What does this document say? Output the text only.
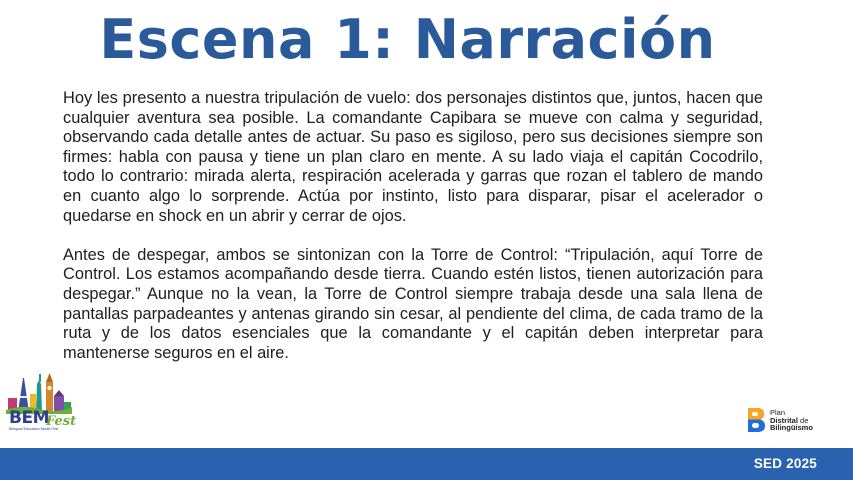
Escena 1: Narración

Hoy les presento a nuestra tripulación de vuelo: dos personajes distintos que, juntos, hacen que cualquier aventura sea posible. La comandante Capibara se mueve con calma y seguridad, observando cada detalle antes de actuar. Su paso es sigiloso, pero sus decisiones siempre son firmes: habla con pausa y tiene un plan claro en mente. A su lado viaja el capitán Cocodrilo, todo lo contrario: mirada alerta, respiración acelerada y garras que rozan el tablero de mando en cuanto algo lo sorprende. Actúa por instinto, listo para disparar, pisar el acelerador o quedarse en shock en un abrir y cerrar de ojos.

Antes de despegar, ambos se sintonizan con la Torre de Control: “Tripulación, aquí Torre de Control. Los estamos acompañando desde tierra. Cuando estén listos, tienen autorización para despegar.” Aunque no la vean, la Torre de Control siempre trabaja desde una sala llena de pantallas parpadeantes y antenas girando sin cesar, al pendiente del clima, de cada tramo de la ruta y de los datos esenciales que la comandante y el capitán deben interpretar para mantenerse seguros en el aire.

BEM
Fest
Bilingual Education Model Fest
Plan
Distrital de
Bilingüismo
SED 2025
